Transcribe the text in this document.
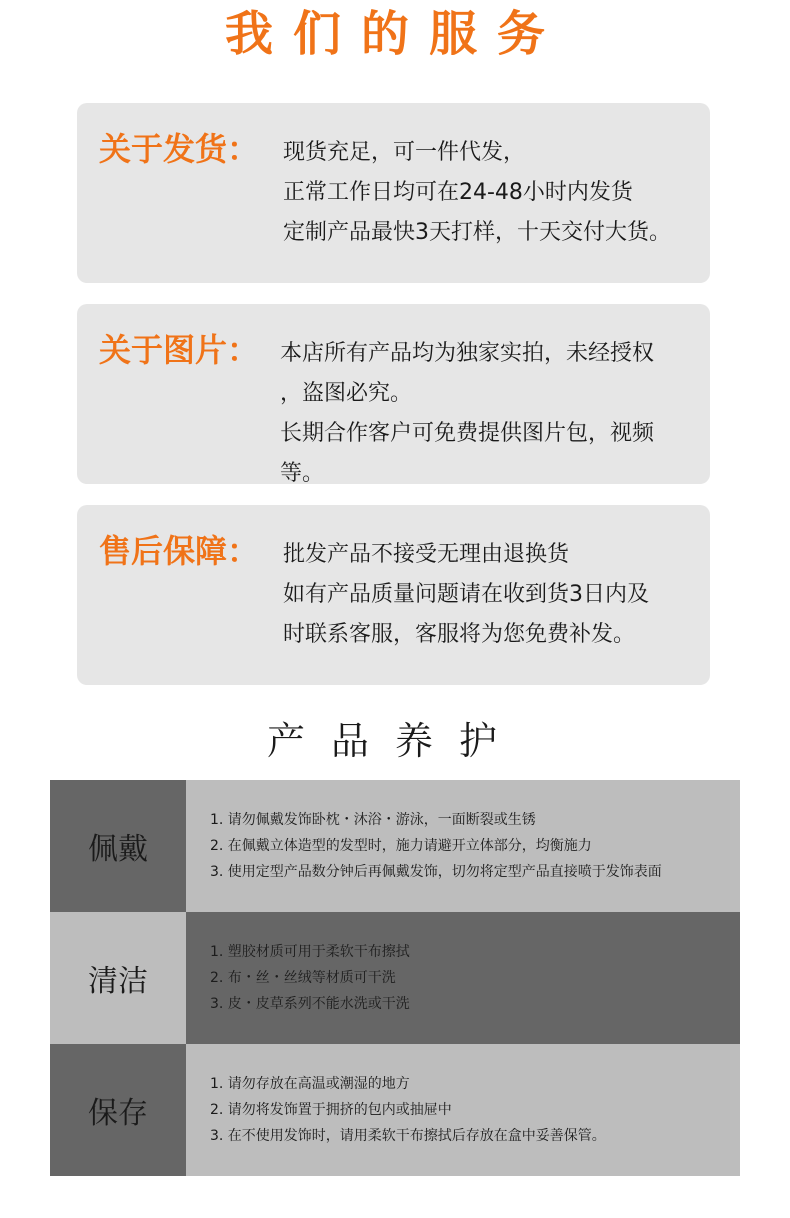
我们的服务
关于发货： 现货充足，可一件代发，
正常工作日均可在24-48小时内发货
定制产品最快3天打样，十天交付大货。
关于图片： 本店所有产品均为独家实拍，未经授权
，盗图必究。
长期合作客户可免费提供图片包，视频
等。
售后保障： 批发产品不接受无理由退换货
如有产品质量问题请在收到货3日内及
时联系客服，客服将为您免费补发。
产品养护
佩戴
1. 请勿佩戴发饰卧枕・沐浴・游泳，一面断裂或生锈
2. 在佩戴立体造型的发型时，施力请避开立体部分，均衡施力
3. 使用定型产品数分钟后再佩戴发饰，切勿将定型产品直接喷于发饰表面
清洁
1. 塑胶材质可用于柔软干布擦拭
2. 布・丝・丝绒等材质可干洗
3. 皮・皮草系列不能水洗或干洗
保存
1. 请勿存放在高温或潮湿的地方
2. 请勿将发饰置于拥挤的包内或抽屉中
3. 在不使用发饰时，请用柔软干布擦拭后存放在盒中妥善保管。
